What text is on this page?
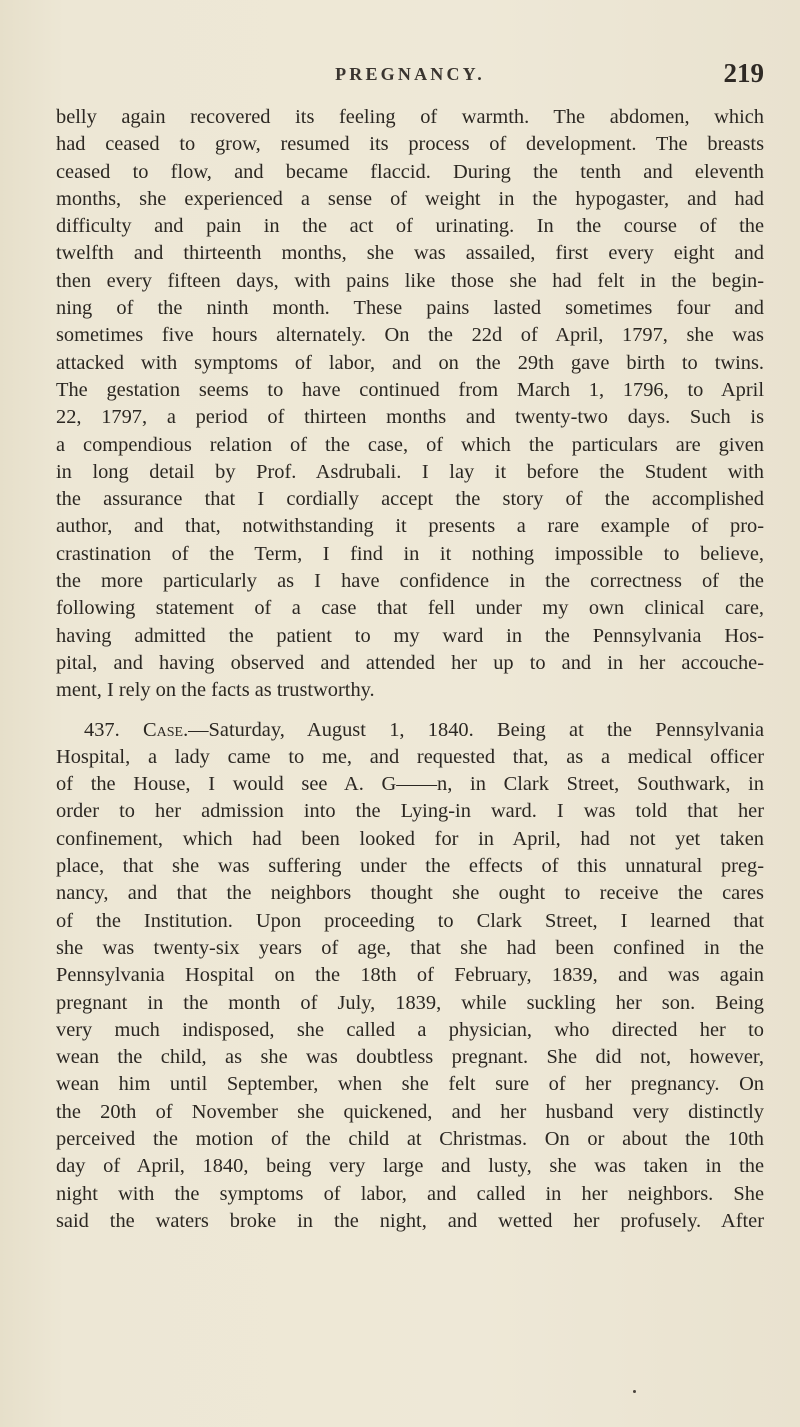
PREGNANCY.	219
belly again recovered its feeling of warmth. The abdomen, which
had ceased to grow, resumed its process of development. The breasts
ceased to flow, and became flaccid. During the tenth and eleventh
months, she experienced a sense of weight in the hypogaster, and had
difficulty and pain in the act of urinating. In the course of the
twelfth and thirteenth months, she was assailed, first every eight and
then every fifteen days, with pains like those she had felt in the begin-
ning of the ninth month. These pains lasted sometimes four and
sometimes five hours alternately. On the 22d of April, 1797, she was
attacked with symptoms of labor, and on the 29th gave birth to twins.
The gestation seems to have continued from March 1, 1796, to April
22, 1797, a period of thirteen months and twenty-two days. Such is
a compendious relation of the case, of which the particulars are given
in long detail by Prof. Asdrubali. I lay it before the Student with
the assurance that I cordially accept the story of the accomplished
author, and that, notwithstanding it presents a rare example of pro-
crastination of the Term, I find in it nothing impossible to believe,
the more particularly as I have confidence in the correctness of the
following statement of a case that fell under my own clinical care,
having admitted the patient to my ward in the Pennsylvania Hos-
pital, and having observed and attended her up to and in her accouche-
ment, I rely on the facts as trustworthy.
437. Case.—Saturday, August 1, 1840. Being at the Pennsylvania
Hospital, a lady came to me, and requested that, as a medical officer
of the House, I would see A. G——n, in Clark Street, Southwark, in
order to her admission into the Lying-in ward. I was told that her
confinement, which had been looked for in April, had not yet taken
place, that she was suffering under the effects of this unnatural preg-
nancy, and that the neighbors thought she ought to receive the cares
of the Institution. Upon proceeding to Clark Street, I learned that
she was twenty-six years of age, that she had been confined in the
Pennsylvania Hospital on the 18th of February, 1839, and was again
pregnant in the month of July, 1839, while suckling her son. Being
very much indisposed, she called a physician, who directed her to
wean the child, as she was doubtless pregnant. She did not, however,
wean him until September, when she felt sure of her pregnancy. On
the 20th of November she quickened, and her husband very distinctly
perceived the motion of the child at Christmas. On or about the 10th
day of April, 1840, being very large and lusty, she was taken in the
night with the symptoms of labor, and called in her neighbors. She
said the waters broke in the night, and wetted her profusely. After
